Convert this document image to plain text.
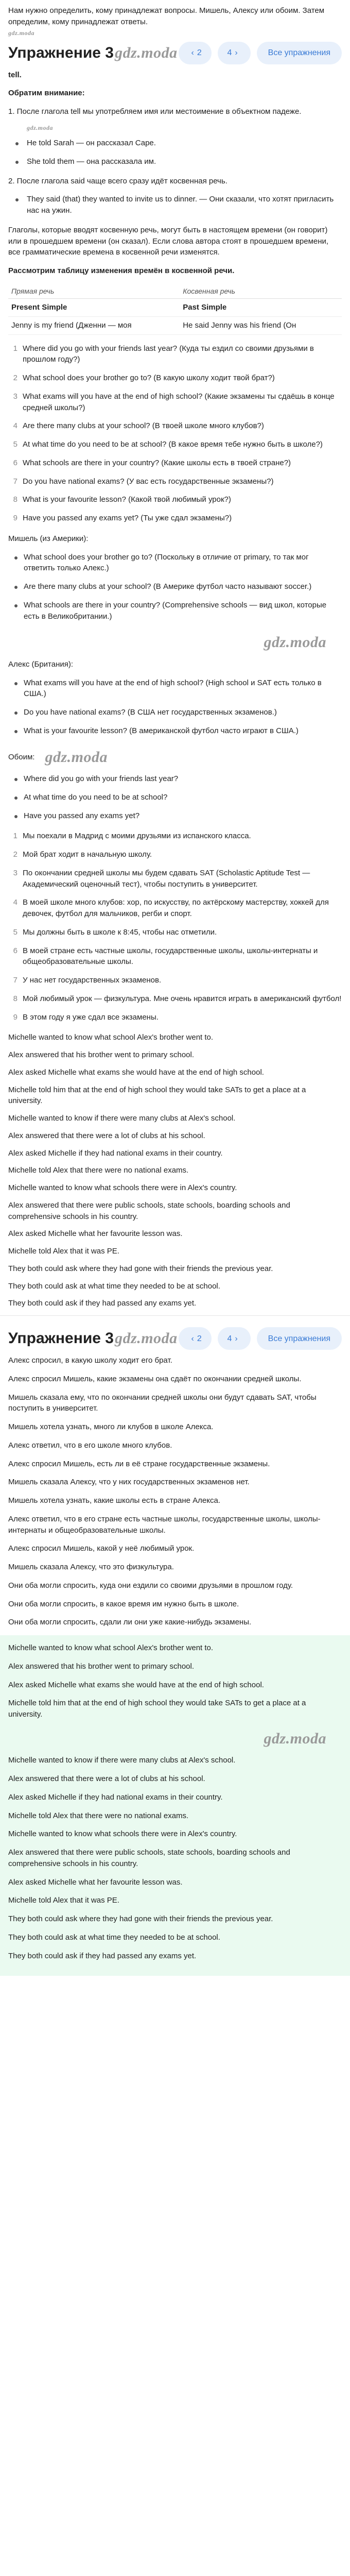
Нам нужно определить, кому принадлежат вопросы. Мишель, Алексу или обоим. Затем определим, кому принадлежат ответы.

gdz.moda
Упражнение 3 gdz.moda ‹ 2	4 ›	Все упражнения

tell.

Обратим внимание:

1. После глагола tell мы употребляем имя или местоимение в объектном падеже.

gdz.moda
He told Sarah — он рассказал Саре.
She told them — она рассказала им.

2. После глагола said чаще всего сразу идёт косвенная речь.

They said (that) they wanted to invite us to dinner. — Они сказали, что хотят пригласить нас на ужин.

Глаголы, которые вводят косвенную речь, могут быть в настоящем времени (он говорит) или в прошедшем времени (он сказал). Если слова автора стоят в прошедшем времени, все грамматические времена в косвенной речи изменятся.

Рассмотрим таблицу изменения времён в косвенной речи.

Прямая речь	Косвенная речь
Present Simple	Past Simple
Jenny is my friend (Дженни — моя	He said Jenny was his friend (Он
1 Where did you go with your friends last year? (Куда ты ездил со своими друзьями в прошлом году?)
2 What school does your brother go to? (В какую школу ходит твой брат?)
3 What exams will you have at the end of high school? (Какие экзамены ты сдаёшь в конце средней школы?)
4 Are there many clubs at your school? (В твоей школе много клубов?)
5 At what time do you need to be at school? (В какое время тебе нужно быть в школе?)
6 What schools are there in your country? (Какие школы есть в твоей стране?)
7 Do you have national exams? (У вас есть государственные экзамены?)
8 What is your favourite lesson? (Какой твой любимый урок?)
9 Have you passed any exams yet? (Ты уже сдал экзамены?)

Мишель (из Америки):

What school does your brother go to? (Поскольку в отличие от primary, то так мог ответить только Алекс.)
Are there many clubs at your school? (В Америке футбол часто называют soccer.)
What schools are there in your country? (Comprehensive schools — вид школ, которые есть в Великобритании.)
gdz.moda

Алекс (Британия):

What exams will you have at the end of high school? (High school и SAT есть только в США.)
Do you have national exams? (В США нет государственных экзаменов.)
What is your favourite lesson? (В американской футбол часто играют в США.)
Обоим: gdz.moda
Where did you go with your friends last year?
At what time do you need to be at school?
Have you passed any exams yet?
1 Мы поехали в Мадрид с моими друзьями из испанского класса.
2 Мой брат ходит в начальную школу.
3 По окончании средней школы мы будем сдавать SAT (Scholastic Aptitude Test — Академический оценочный тест), чтобы поступить в университет.
4 В моей школе много клубов: хор, по искусству, по актёрскому мастерству, хоккей для девочек, футбол для мальчиков, регби и спорт.
5 Мы должны быть в школе к 8:45, чтобы нас отметили.
6 В моей стране есть частные школы, государственные школы, школы-интернаты и общеобразовательные школы.
7 У нас нет государственных экзаменов.
8 Мой любимый урок — физкультура. Мне очень нравится играть в американский футбол!
9 В этом году я уже сдал все экзамены.

Michelle wanted to know what school Alex's brother went to.

Alex answered that his brother went to primary school.

Alex asked Michelle what exams she would have at the end of high school.

Michelle told him that at the end of high school they would take SATs to get a place at a university.

Michelle wanted to know if there were many clubs at Alex's school.

Alex answered that there were a lot of clubs at his school.

Alex asked Michelle if they had national exams in their country.

Michelle told Alex that there were no national exams.

Michelle wanted to know what schools there were in Alex's country.

Alex answered that there were public schools, state schools, boarding schools and comprehensive schools in his country.

Alex asked Michelle what her favourite lesson was.

Michelle told Alex that it was PE.

They both could ask where they had gone with their friends the previous year.

They both could ask at what time they needed to be at school.

They both could ask if they had passed any exams yet.

Упражнение 3 gdz.moda ‹ 2	4 ›	Все упражнения

Алекс спросил, в какую школу ходит его брат.

Алекс спросил Мишель, какие экзамены она сдаёт по окончании средней школы.

Мишель сказала ему, что по окончании средней школы они будут сдавать SAT, чтобы поступить в университет.

Мишель хотела узнать, много ли клубов в школе Алекса.

Алекс ответил, что в его школе много клубов.

Алекс спросил Мишель, есть ли в её стране государственные экзамены.

Мишель сказала Алексу, что у них государственных экзаменов нет.

Мишель хотела узнать, какие школы есть в стране Алекса.

Алекс ответил, что в его стране есть частные школы, государственные школы, школы-интернаты и общеобразовательные школы.

Алекс спросил Мишель, какой у неё любимый урок.

Мишель сказала Алексу, что это физкультура.

Они оба могли спросить, куда они ездили со своими друзьями в прошлом году.

Они оба могли спросить, в какое время им нужно быть в школе.

Они оба могли спросить, сдали ли они уже какие-нибудь экзамены.

Michelle wanted to know what school Alex's brother went to.

Alex answered that his brother went to primary school.

Alex asked Michelle what exams she would have at the end of high school.

Michelle told him that at the end of high school they would take SATs to get a place at a university.

gdz.moda

Michelle wanted to know if there were many clubs at Alex's school.

Alex answered that there were a lot of clubs at his school.

Alex asked Michelle if they had national exams in their country.

Michelle told Alex that there were no national exams.

Michelle wanted to know what schools there were in Alex's country.

Alex answered that there were public schools, state schools, boarding schools and comprehensive schools in his country.

Alex asked Michelle what her favourite lesson was.

Michelle told Alex that it was PE.

They both could ask where they had gone with their friends the previous year.

They both could ask at what time they needed to be at school.

They both could ask if they had passed any exams yet.
